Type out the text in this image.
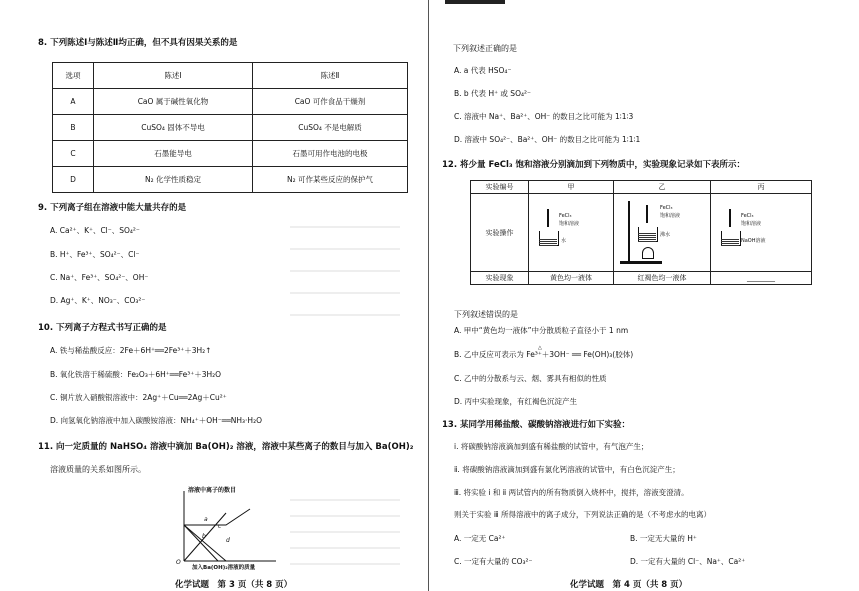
8. 下列陈述Ⅰ与陈述Ⅱ均正确，但不具有因果关系的是
选项	陈述Ⅰ	陈述Ⅱ
A	CaO 属于碱性氧化物	CaO 可作食品干燥剂
B	CuSO₄ 固体不导电	CuSO₄ 不是电解质
C	石墨能导电	石墨可用作电池的电极
D	N₂ 化学性质稳定	N₂ 可作某些反应的保护气
9. 下列离子组在溶液中能大量共存的是
A. Ca²⁺、K⁺、Cl⁻、SO₄²⁻
B. H⁺、Fe³⁺、SO₄²⁻、Cl⁻
C. Na⁺、Fe³⁺、SO₄²⁻、OH⁻
D. Ag⁺、K⁺、NO₃⁻、CO₃²⁻
10. 下列离子方程式书写正确的是
A. 铁与稀盐酸反应：2Fe＋6H⁺══2Fe³⁺＋3H₂↑
B. 氧化铁溶于稀硫酸：Fe₂O₃＋6H⁺══Fe³⁺＋3H₂O
C. 铜片放入硝酸银溶液中：2Ag⁺＋Cu══2Ag＋Cu²⁺
D. 向氢氧化钠溶液中加入碳酸铵溶液：NH₄⁺＋OH⁻══NH₃·H₂O
11. 向一定质量的 NaHSO₄ 溶液中滴加 Ba(OH)₂ 溶液，溶液中某些离子的数目与加入 Ba(OH)₂
溶液质量的关系如图所示。
溶液中离子的数目
O
a
b
c
d
加入Ba(OH)₂溶液的质量
化学试题　第 3 页（共 8 页）
下列叙述正确的是
A. a 代表 HSO₄⁻
B. b 代表 H⁺ 或 SO₄²⁻
C. 溶液中 Na⁺、Ba²⁺、OH⁻ 的数目之比可能为 1∶1∶3
D. 溶液中 SO₄²⁻、Ba²⁺、OH⁻ 的数目之比可能为 1∶1∶1
12. 将少量 FeCl₃ 饱和溶液分别滴加到下列物质中，实验现象记录如下表所示：
实验编号	甲	乙	丙
实验操作	FeCl₃
饱和溶液
水	FeCl₃
饱和溶液
沸水	FeCl₃
饱和溶液
NaOH溶液

实验现象	黄色均一液体	红褐色均一液体	________
下列叙述错误的是
A. 甲中“黄色均一液体”中分散质粒子直径小于 1 nm
B. 乙中反应可表示为 Fe³⁺＋3OH⁻ ══ Fe(OH)₃(胶体)
△
C. 乙中的分散系与云、烟、雾具有相似的性质
D. 丙中实验现象，有红褐色沉淀产生
13. 某同学用稀盐酸、碳酸钠溶液进行如下实验：
ⅰ. 将碳酸钠溶液滴加到盛有稀盐酸的试管中，有气泡产生；
ⅱ. 将碳酸钠溶液滴加到盛有氯化钙溶液的试管中，有白色沉淀产生；
ⅲ. 将实验 ⅰ 和 ⅱ 两试管内的所有物质倒入烧杯中，搅拌，溶液变澄清。
则关于实验 ⅲ 所得溶液中的离子成分，下列说法正确的是（不考虑水的电离）
A. 一定无 Ca²⁺	B. 一定无大量的 H⁺
C. 一定有大量的 CO₃²⁻	D. 一定有大量的 Cl⁻、Na⁺、Ca²⁺
化学试题　第 4 页（共 8 页）
